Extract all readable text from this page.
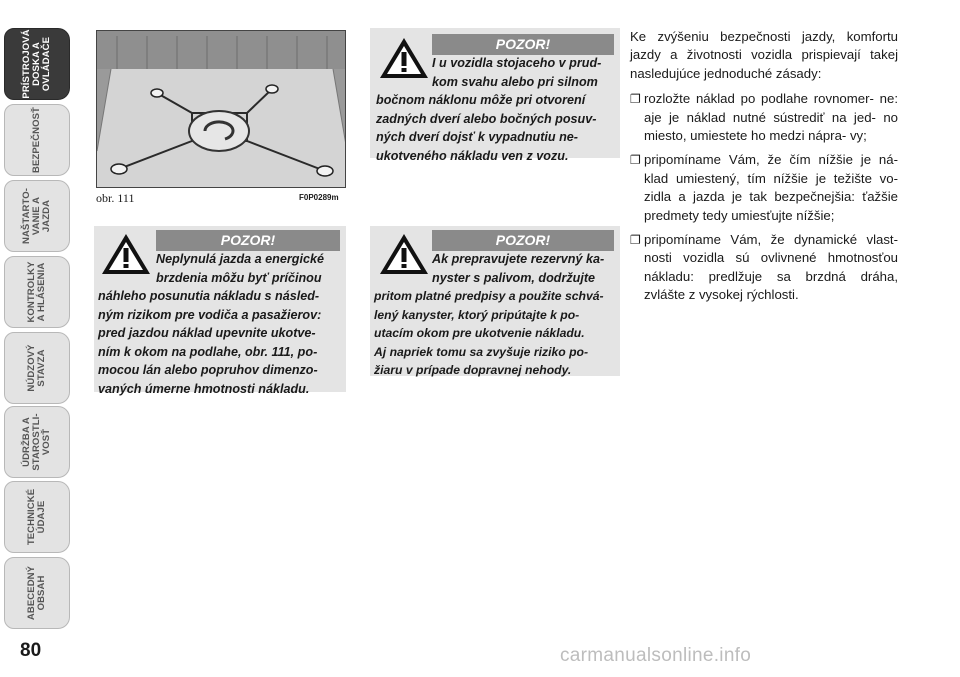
PRÍSTROJOVÁ
DOSKA A
OVLÁDAČE
BEZPEČNOSŤ
NAŠTARTO-
VANIE A
JAZDA
KONTROLKY
A HLÁSENIA
NÚDZOVÝ
STAVZA
ÚDRŽBA A
STAROSTLI-
VOSŤ
TECHNICKÉ
ÚDAJE
ABECEDNÝ
OBSAH
80
obr. 111	F0P0289m
POZOR!
I u vozidla stojaceho v prud-
kom svahu alebo pri silnom
bočnom náklonu môže pri otvorení
zadných dverí alebo bočných posuv-
ných dverí dojsť k vypadnutiu ne-
ukotveného nákladu ven z vozu.
POZOR!
Neplynulá jazda a energické
brzdenia môžu byť príčinou
náhleho posunutia nákladu s násled-
ným rizikom pre vodiča a pasažierov:
pred jazdou náklad upevnite ukotve-
ním k okom na podlahe, obr. 111, po-
mocou lán alebo popruhov dimenzo-
vaných úmerne hmotnosti nákladu.
POZOR!
Ak prepravujete rezervný ka-
nyster s palivom, dodržujte
pritom platné predpisy a použite schvá-
lený kanyster, ktorý pripútajte k po-
utacím okom pre ukotvenie nákladu.
Aj napriek tomu sa zvyšuje riziko po-
žiaru v prípade dopravnej nehody.

Ke zvýšeniu bezpečnosti jazdy, komfortu jazdy a životnosti vozidla prispievají takej nasledujúce jednoduché zásady:

❐ rozložte náklad po podlahe rovnomer- ne: aje je náklad nutné sústrediť na jed- no miesto, umiestete ho medzi nápra- vy;
❐ pripomíname Vám, že čím nížšie je ná- klad umiestený, tím nížšie je težište vo- zidla a jazda je tak bezpečnejšia: ťažšie predmety tedy umiesťujte nížšie;
❐ pripomíname Vám, že dynamické vlast- nosti vozidla sú ovlivnené hmotnosťou nákladu: predlžuje sa brzdná dráha, zvlášte z vysokej rýchlosti.
carmanualsonline.info
